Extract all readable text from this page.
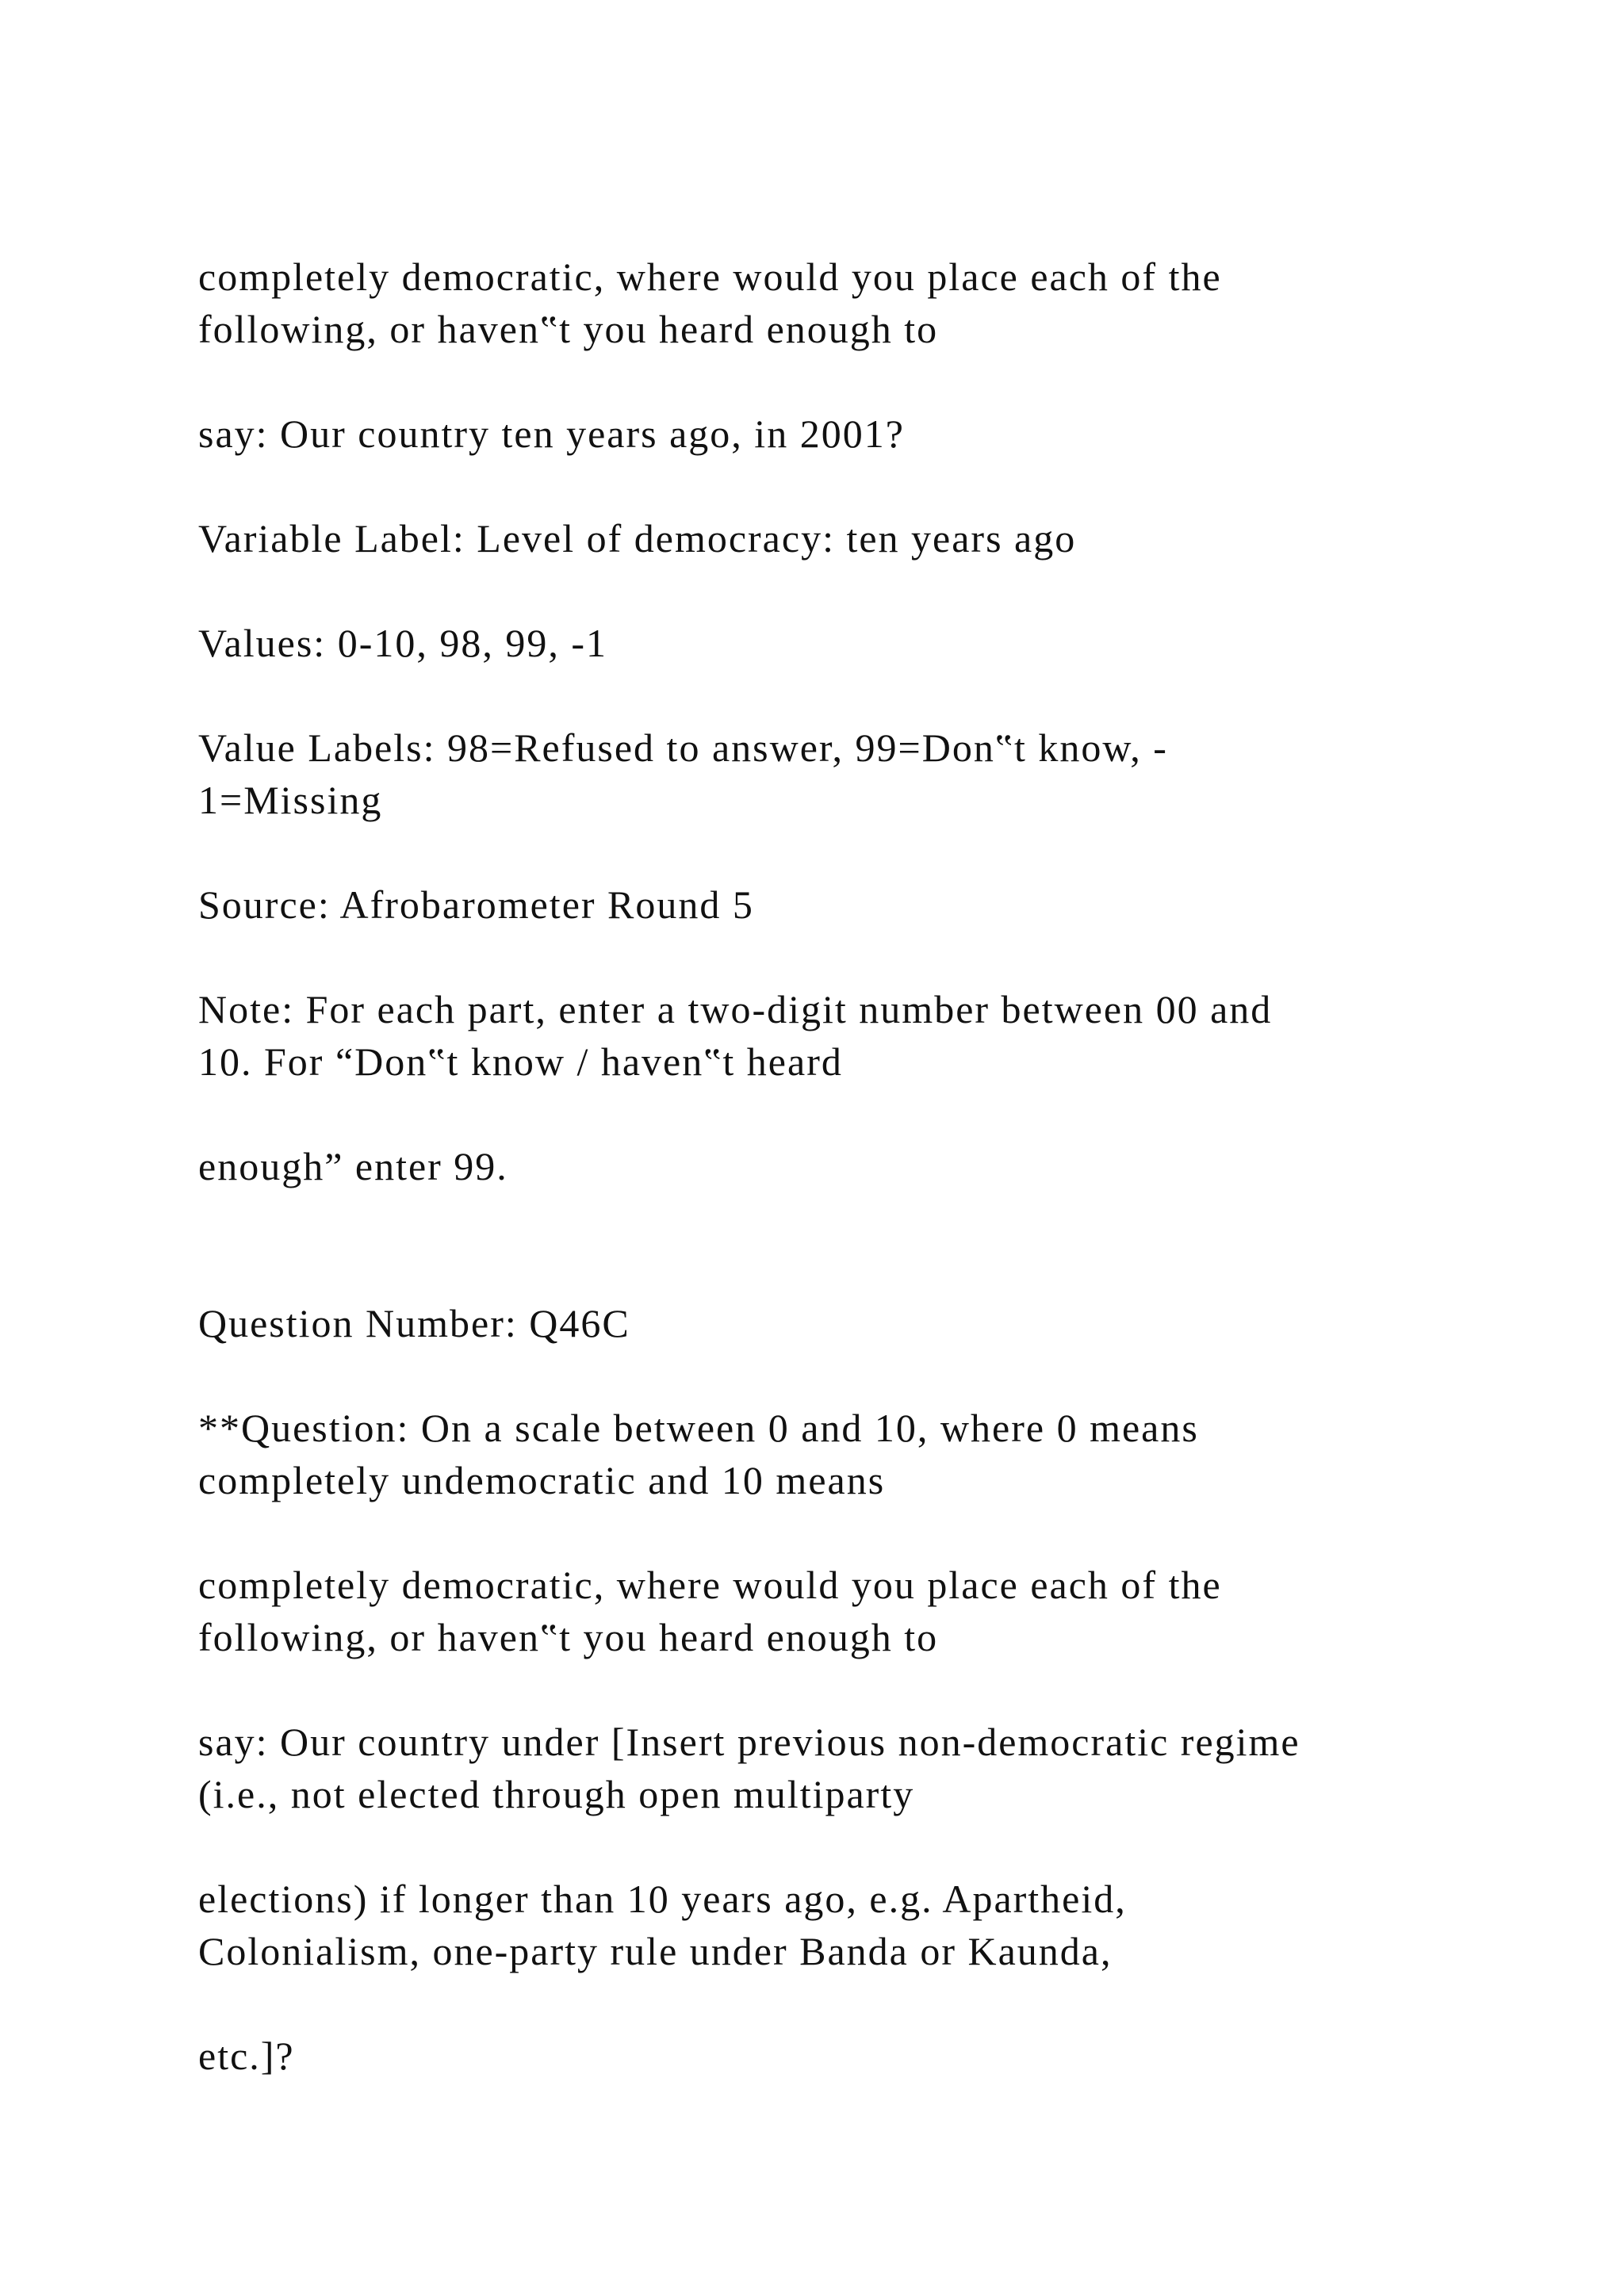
completely democratic, where would you place each of the
following, or haven‟t you heard enough to

say: Our country ten years ago, in 2001?

Variable Label: Level of democracy: ten years ago

Values: 0-10, 98, 99, -1

Value Labels: 98=Refused to answer, 99=Don‟t know, -
1=Missing

Source: Afrobarometer Round 5

Note: For each part, enter a two-digit number between 00 and
10. For “Don‟t know / haven‟t heard

enough” enter 99.

Question Number: Q46C

**Question: On a scale between 0 and 10, where 0 means
completely undemocratic and 10 means

completely democratic, where would you place each of the
following, or haven‟t you heard enough to

say: Our country under [Insert previous non-democratic regime
(i.e., not elected through open multiparty

elections) if longer than 10 years ago, e.g. Apartheid,
Colonialism, one-party rule under Banda or Kaunda,

etc.]?
